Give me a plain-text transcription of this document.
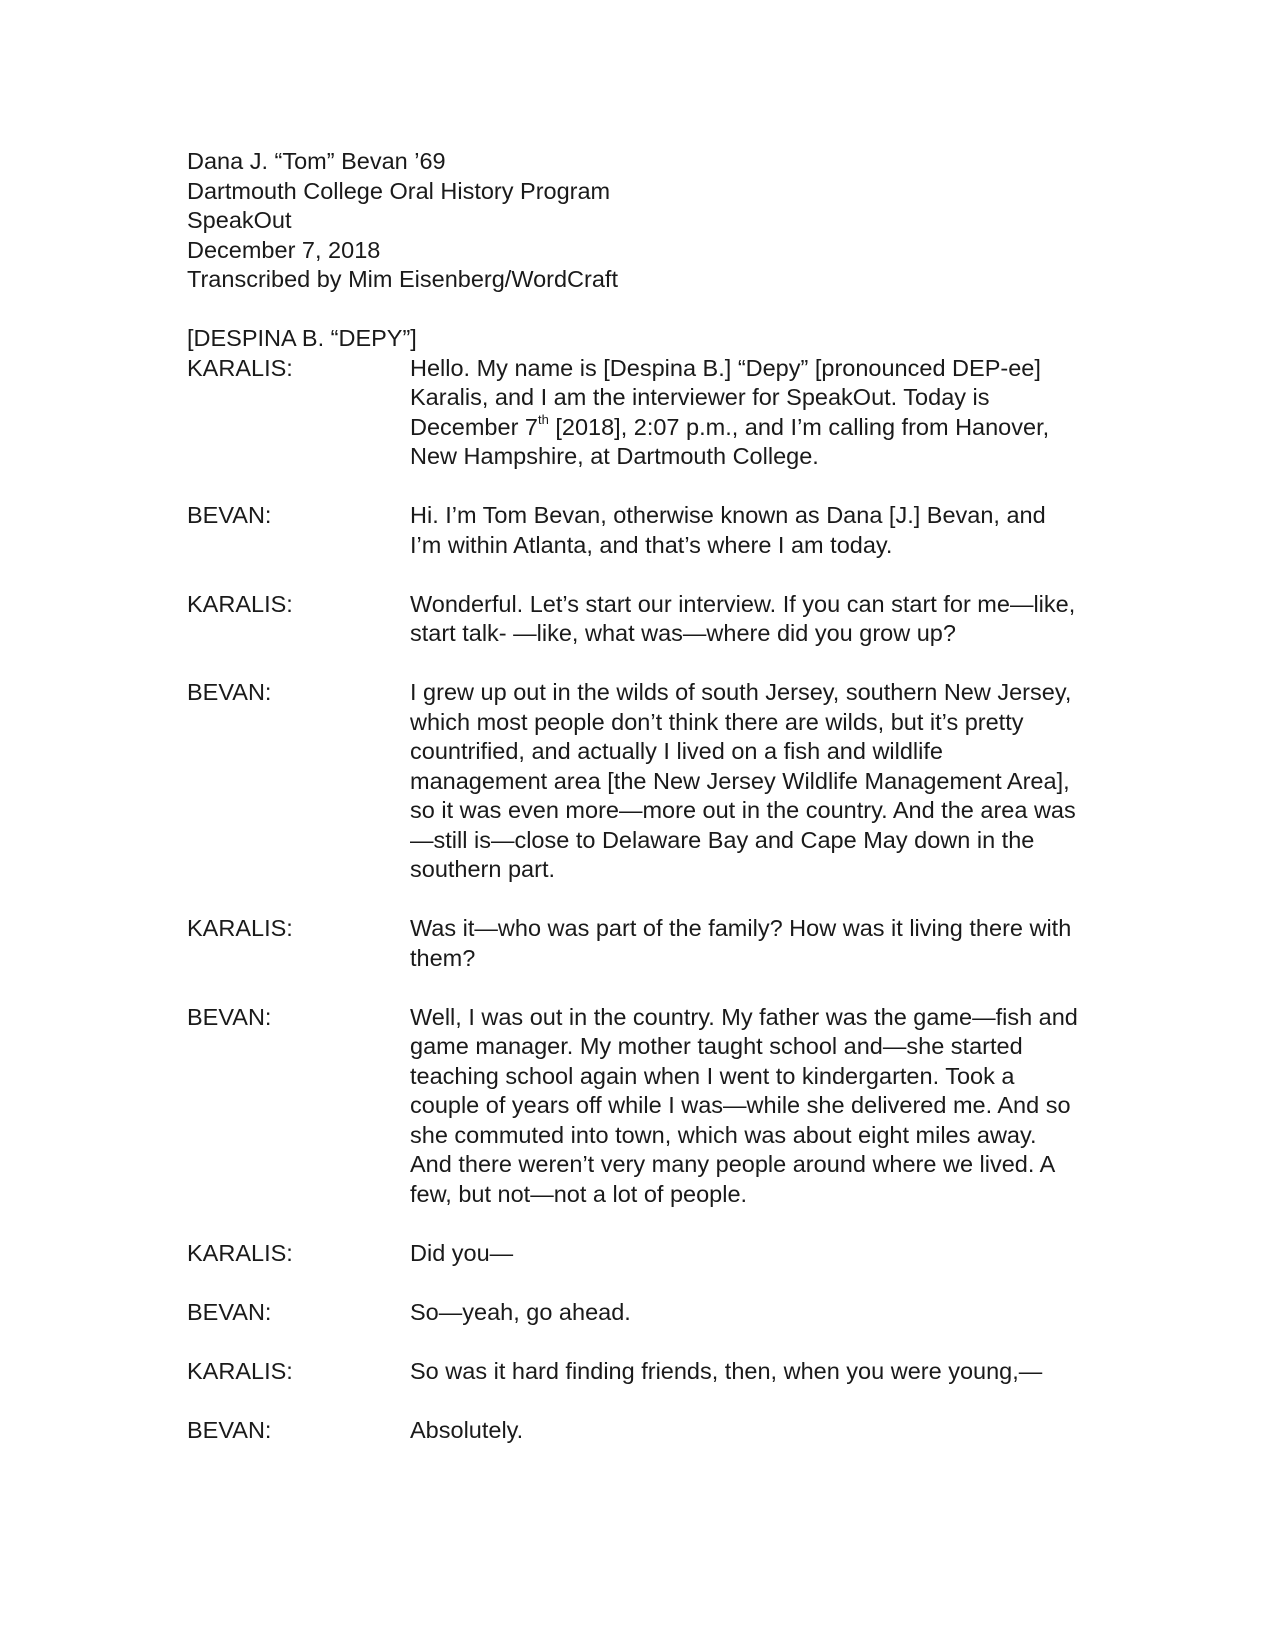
Dana J. “Tom” Bevan ’69
Dartmouth College Oral History Program
SpeakOut
December 7, 2018
Transcribed by Mim Eisenberg/WordCraft
[DESPINA B. “DEPY”]
KARALIS:	Hello. My name is [Despina B.] “Depy” [pronounced DEP-ee] Karalis, and I am the interviewer for SpeakOut. Today is December 7th [2018], 2:07 p.m., and I’m calling from Hanover, New Hampshire, at Dartmouth College.
BEVAN:	Hi. I’m Tom Bevan, otherwise known as Dana [J.] Bevan, and I’m within Atlanta, and that’s where I am today.
KARALIS:	Wonderful. Let’s start our interview. If you can start for me—like, start talk- —like, what was—where did you grow up?
BEVAN:	I grew up out in the wilds of south Jersey, southern New Jersey, which most people don’t think there are wilds, but it’s pretty countrified, and actually I lived on a fish and wildlife management area [the New Jersey Wildlife Management Area], so it was even more—more out in the country. And the area was—still is—close to Delaware Bay and Cape May down in the southern part.
KARALIS:	Was it—who was part of the family? How was it living there with them?
BEVAN:	Well, I was out in the country. My father was the game—fish and game manager. My mother taught school and—she started teaching school again when I went to kindergarten. Took a couple of years off while I was—while she delivered me. And so she commuted into town, which was about eight miles away. And there weren’t very many people around where we lived. A few, but not—not a lot of people.
KARALIS:	Did you—
BEVAN:	So—yeah, go ahead.
KARALIS:	So was it hard finding friends, then, when you were young,—
BEVAN:	Absolutely.
